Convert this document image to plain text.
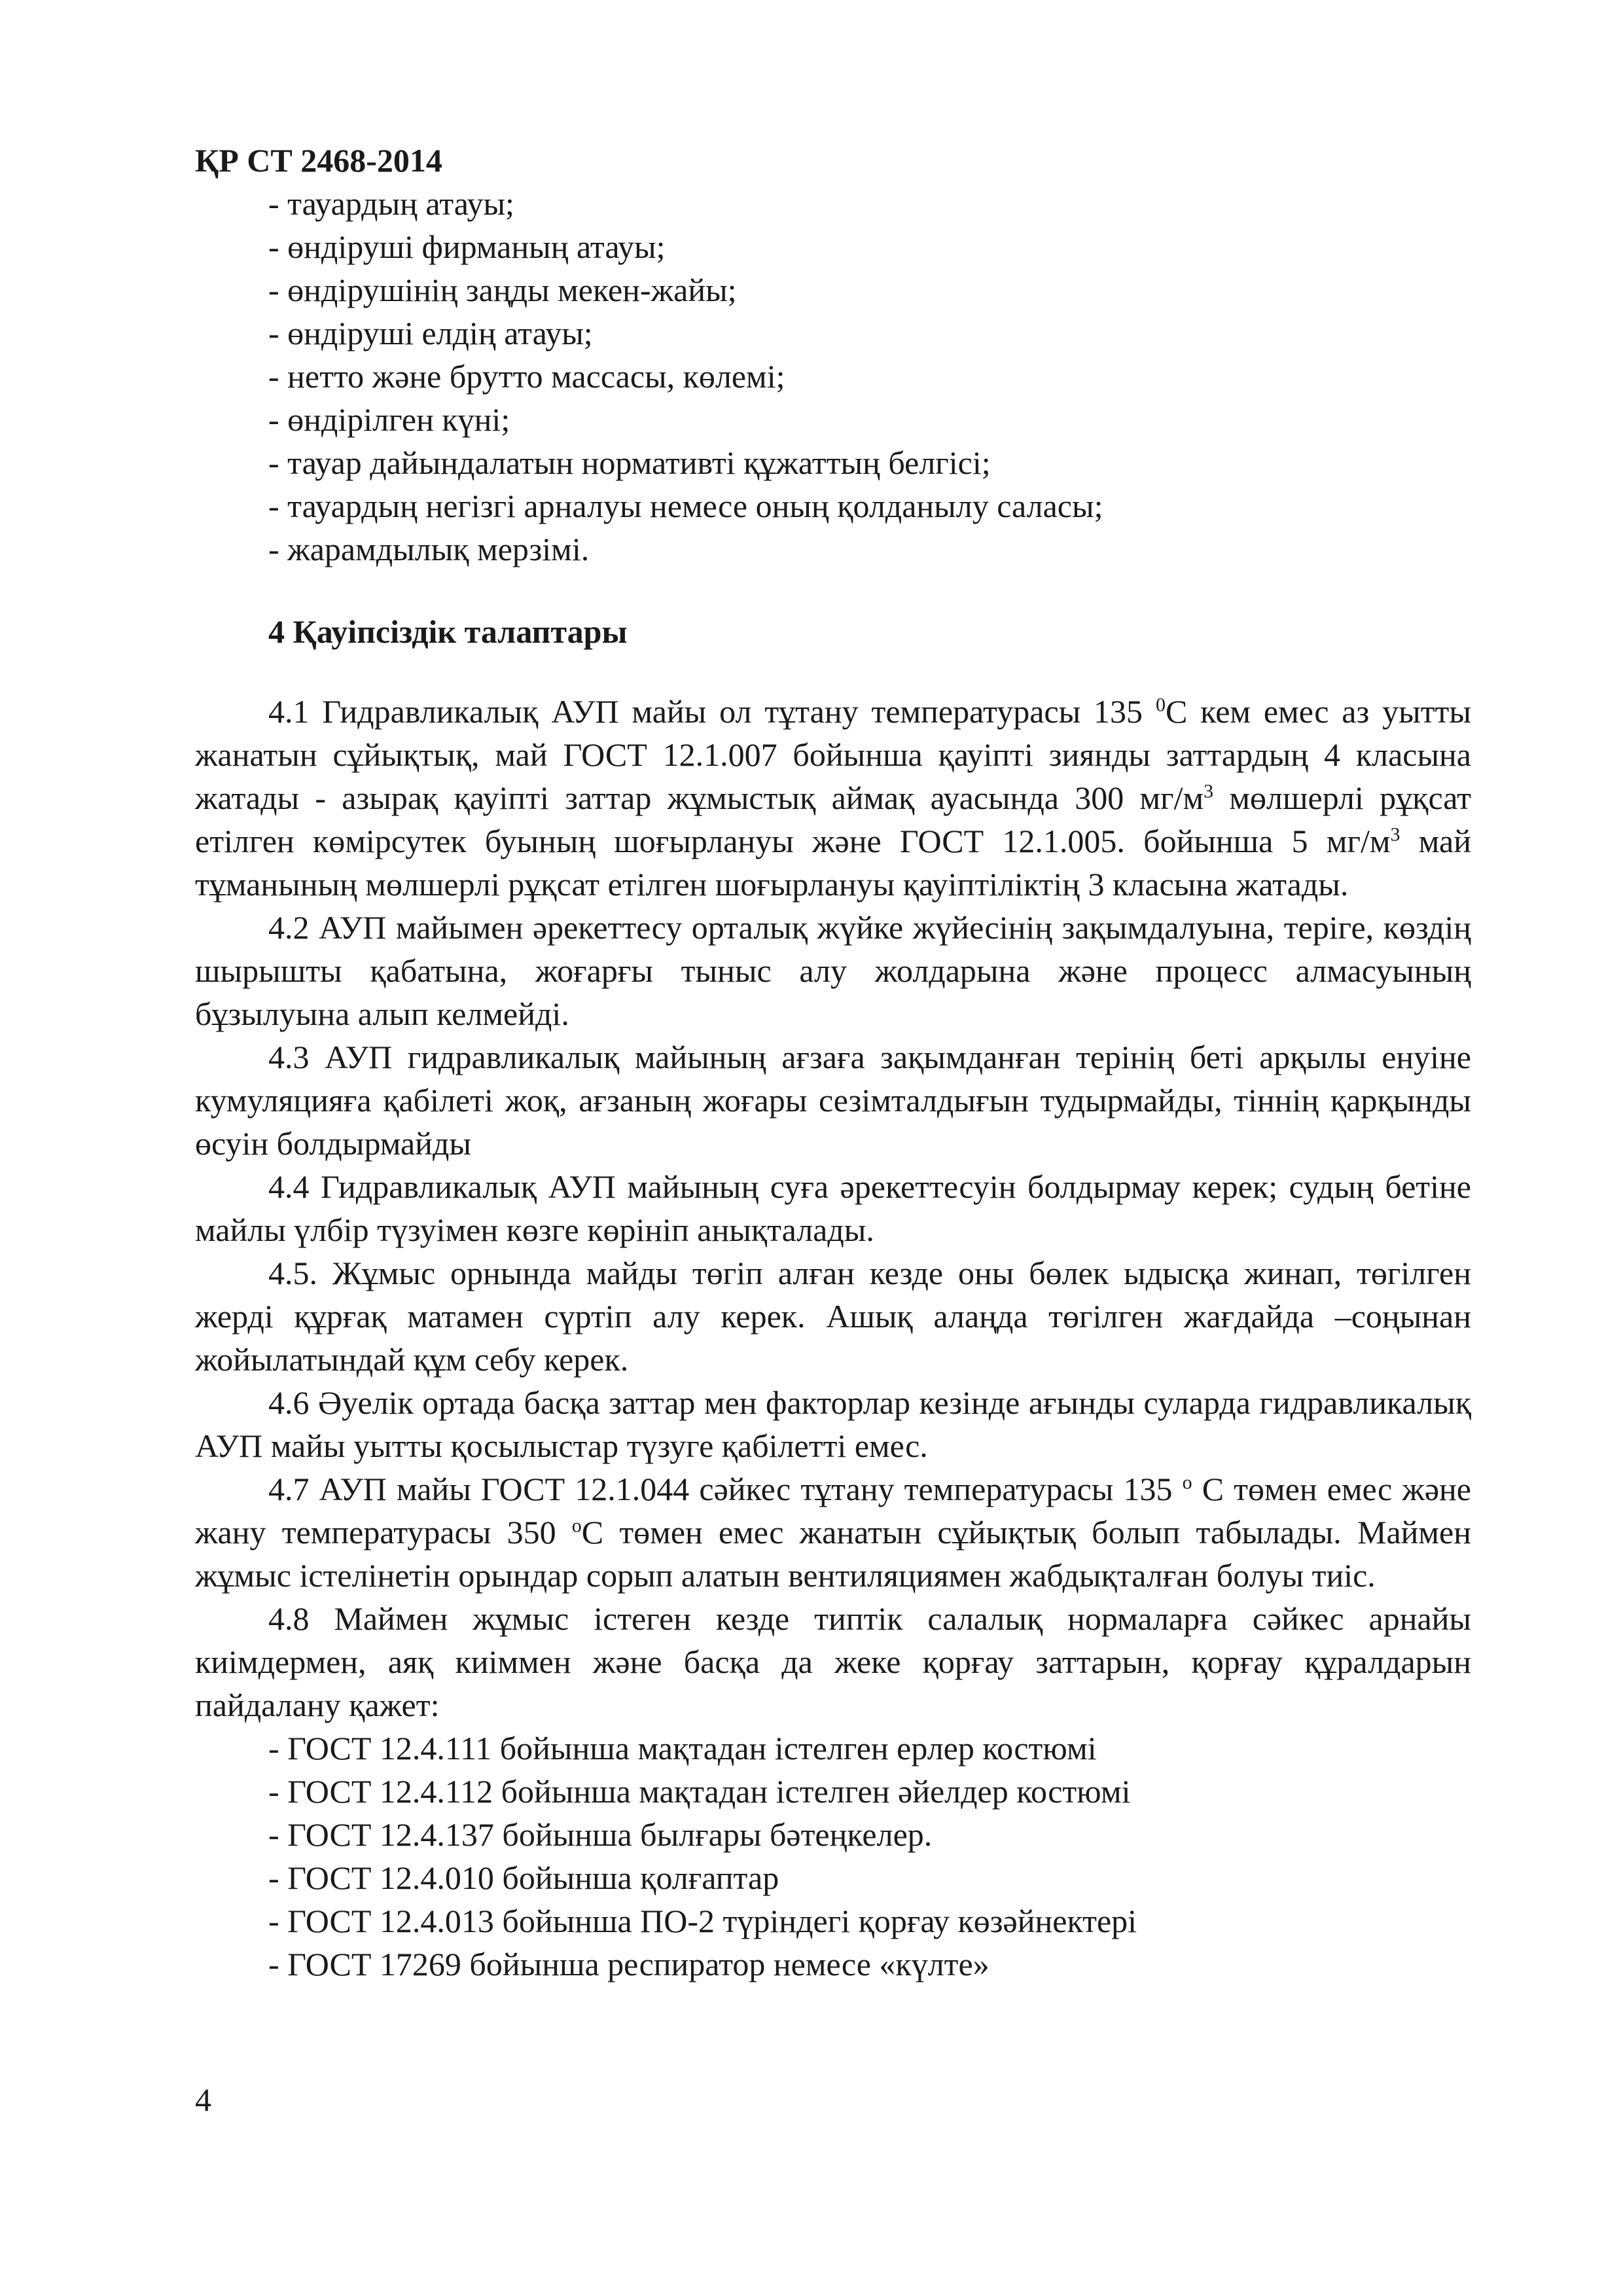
ҚР СТ 2468-2014
- тауардың атауы;
- өндіруші фирманың атауы;
- өндірушінің заңды мекен-жайы;
- өндіруші елдің атауы;
- нетто және брутто массасы, көлемі;
- өндірілген күні;
- тауар дайындалатын нормативті құжаттың белгісі;
- тауардың негізгі арналуы немесе оның қолданылу саласы;
- жарамдылық мерзімі.
4 Қауіпсіздік талаптары

4.1 Гидравликалық АУП майы ол тұтану температурасы 135 $^0$С кем емес аз уытты жанатын сұйықтық, май ГОСТ 12.1.007 бойынша қауіпті зиянды заттардың 4 класына жатады - азырақ қауіпті заттар жұмыстық аймақ ауасында 300 $мг/м^3$ мөлшерлі рұқсат етілген көмірсутек буының шоғырлануы және ГОСТ 12.1.005. бойынша 5 $мг/м^3$ май тұманының мөлшерлі рұқсат етілген шоғырлануы қауіптіліктің 3 класына жатады.

4.2 АУП майымен әрекеттесу орталық жүйке жүйесінің зақымдалуына, теріге, көздің шырышты қабатына, жоғарғы тыныс алу жолдарына және процесс алмасуының бұзылуына алып келмейді.

4.3 АУП гидравликалық майының ағзаға зақымданған терінің беті арқылы енуіне кумуляцияға қабілеті жоқ, ағзаның жоғары сезімталдығын тудырмайды, тіннің қарқынды өсуін болдырмайды

4.4 Гидравликалық АУП майының суға әрекеттесуін болдырмау керек; судың бетіне майлы үлбір түзуімен көзге көрініп анықталады.

4.5. Жұмыс орнында майды төгіп алған кезде оны бөлек ыдысқа жинап, төгілген жерді құрғақ матамен сүртіп алу керек. Ашық алаңда төгілген жағдайда –соңынан жойылатындай құм себу керек.

4.6 Әуелік ортада басқа заттар мен факторлар кезінде ағынды суларда гидравликалық АУП майы уытты қосылыстар түзуге қабілетті емес.

4.7 АУП майы ГОСТ 12.1.044 сәйкес тұтану температурасы 135 $^о$ С төмен емес және жану температурасы 350 $^о$С төмен емес жанатын сұйықтық болып табылады. Маймен жұмыс істелінетін орындар сорып алатын вентиляциямен жабдықталған болуы тиіс.

4.8 Маймен жұмыс істеген кезде типтік салалық нормаларға сәйкес арнайы киімдермен, аяқ киіммен және басқа да жеке қорғау заттарын, қорғау құралдарын пайдалану қажет:

- ГОСТ 12.4.111 бойынша мақтадан істелген ерлер костюмі
- ГОСТ 12.4.112 бойынша мақтадан істелген әйелдер костюмі
- ГОСТ 12.4.137 бойынша былғары бәтеңкелер.
- ГОСТ 12.4.010 бойынша қолғаптар
- ГОСТ 12.4.013 бойынша ПО-2 түріндегі қорғау көзәйнектері
- ГОСТ 17269 бойынша респиратор немесе «күлте»
4
